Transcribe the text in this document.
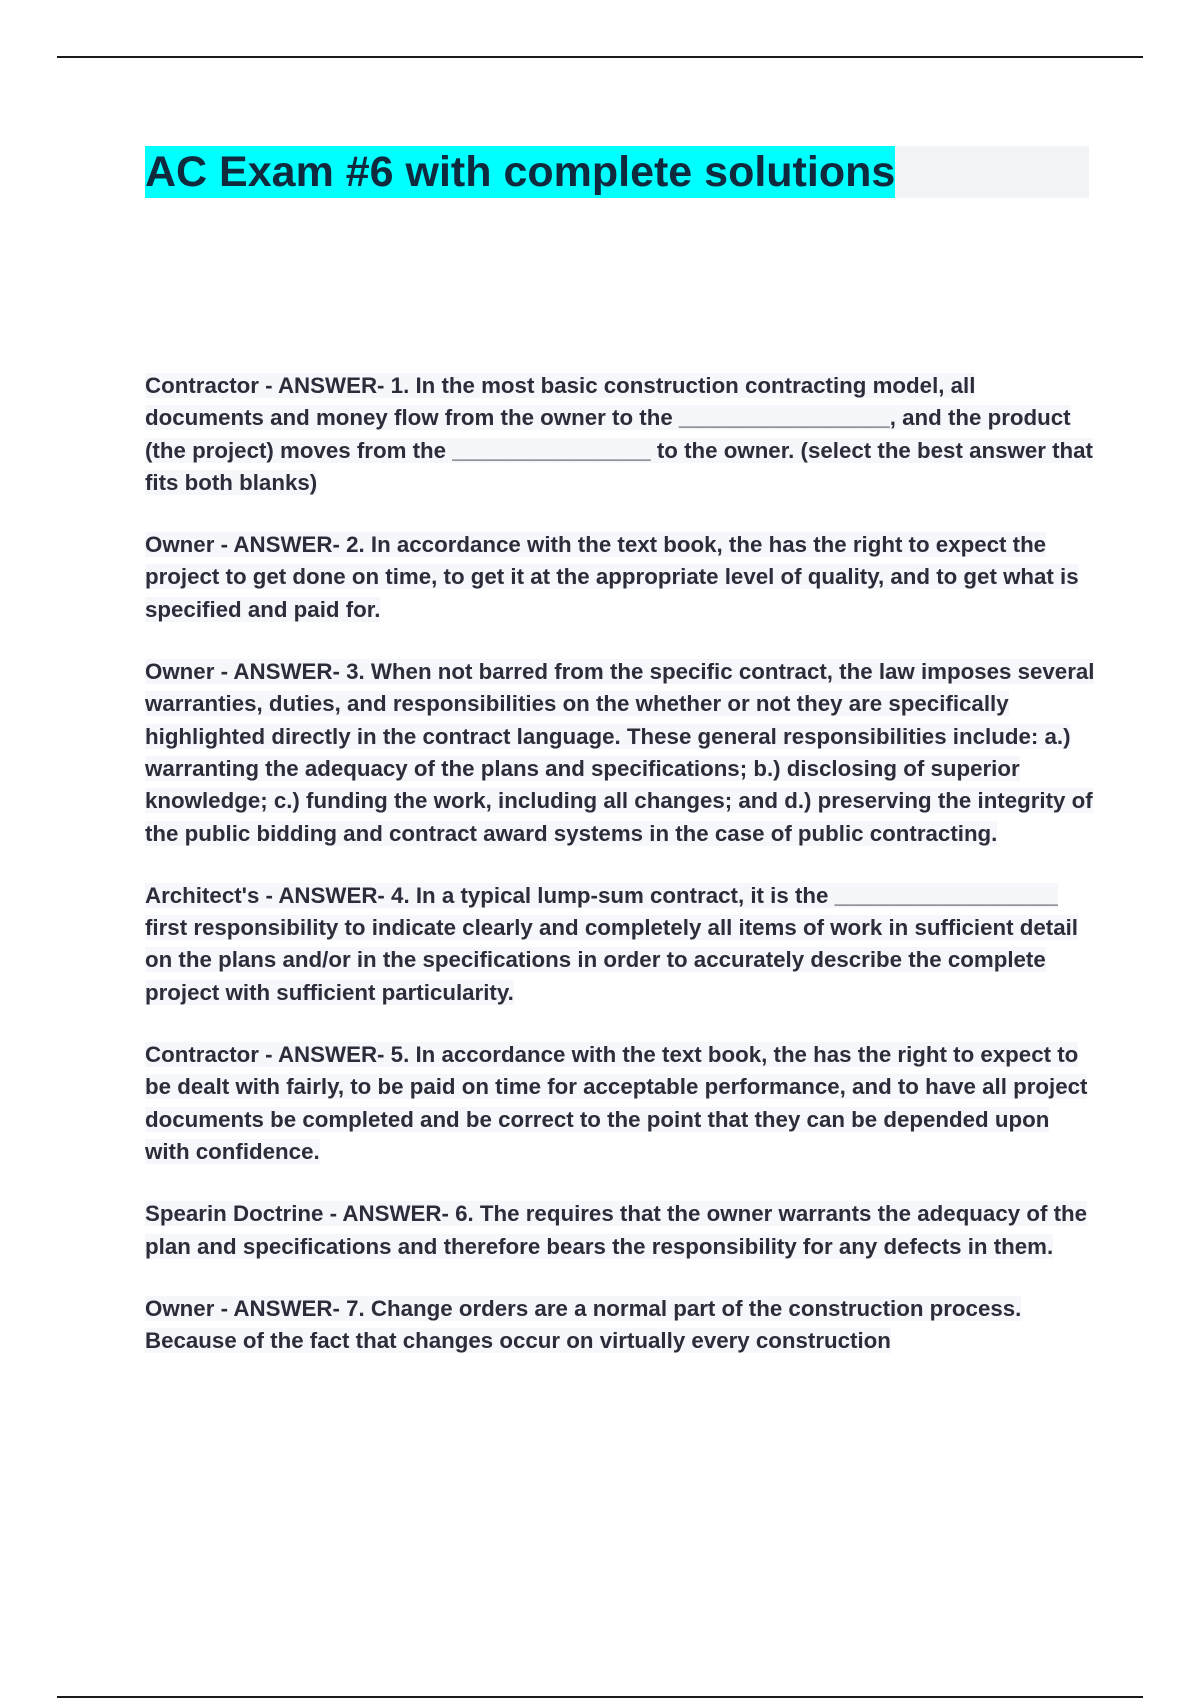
AC Exam #6 with complete solutions

Contractor - ANSWER- 1. In the most basic construction contracting model, all documents and money flow from the owner to the _________________, and the product (the project) moves from the ________________ to the owner. (select the best answer that fits both blanks)

Owner - ANSWER- 2. In accordance with the text book, the has the right to expect the project to get done on time, to get it at the appropriate level of quality, and to get what is specified and paid for.

Owner - ANSWER- 3. When not barred from the specific contract, the law imposes several warranties, duties, and responsibilities on the whether or not they are specifically highlighted directly in the contract language. These general responsibilities include: a.) warranting the adequacy of the plans and specifications; b.) disclosing of superior knowledge; c.) funding the work, including all changes; and d.) preserving the integrity of the public bidding and contract award systems in the case of public contracting.

Architect's - ANSWER- 4. In a typical lump-sum contract, it is the __________________ first responsibility to indicate clearly and completely all items of work in sufficient detail on the plans and/or in the specifications in order to accurately describe the complete project with sufficient particularity.

Contractor - ANSWER- 5. In accordance with the text book, the has the right to expect to be dealt with fairly, to be paid on time for acceptable performance, and to have all project documents be completed and be correct to the point that they can be depended upon with confidence.

Spearin Doctrine - ANSWER- 6. The requires that the owner warrants the adequacy of the plan and specifications and therefore bears the responsibility for any defects in them.

Owner - ANSWER- 7. Change orders are a normal part of the construction process. Because of the fact that changes occur on virtually every construction
